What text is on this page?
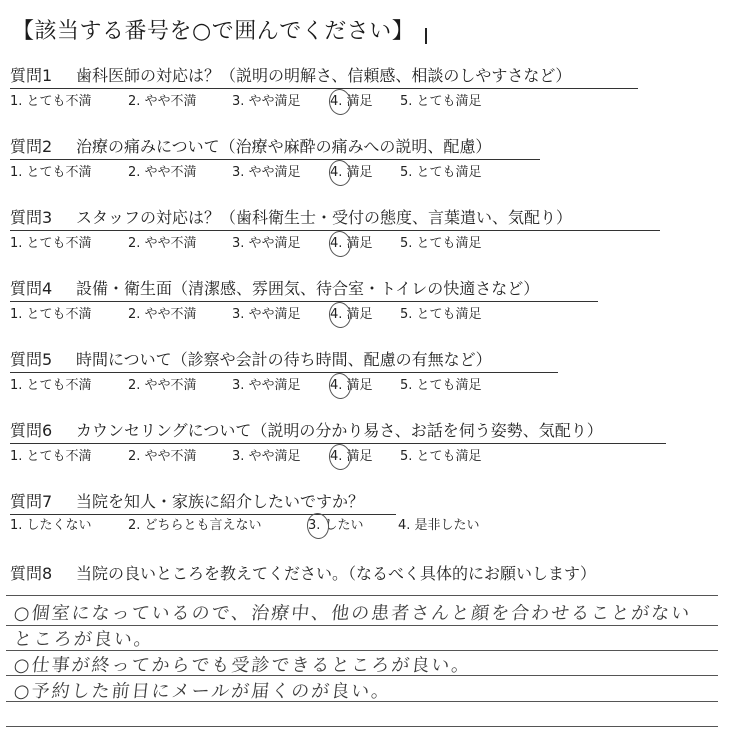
【該当する番号を○で囲んでください】
質問1 歯科医師の対応は？（説明の明解さ、信頼感、相談のしやすさなど）
1. とても不満	2. やや不満	3. やや満足 4. 満足 5. とても満足
質問2 治療の痛みについて（治療や麻酔の痛みへの説明、配慮）
1. とても不満	2. やや不満	3. やや満足 4. 満足 5. とても満足
質問3 スタッフの対応は？（歯科衛生士・受付の態度、言葉遣い、気配り）
1. とても不満	2. やや不満	3. やや満足 4. 満足 5. とても満足
質問4 設備・衛生面（清潔感、雰囲気、待合室・トイレの快適さなど）
1. とても不満	2. やや不満	3. やや満足 4. 満足 5. とても満足
質問5 時間について（診察や会計の待ち時間、配慮の有無など）
1. とても不満	2. やや不満	3. やや満足 4. 満足 5. とても満足
質問6 カウンセリングについて（説明の分かり易さ、お話を伺う姿勢、気配り）
1. とても不満	2. やや不満	3. やや満足 4. 満足 5. とても満足
質問7 当院を知人・家族に紹介したいですか？
1. したくない	2. どちらとも言えない	3. したい	4. 是非したい
質問8 当院の良いところを教えてください。（なるべく具体的にお願いします）
○個室になっているので、治療中、他の患者さんと顔を合わせることがない
ところが良い。
○仕事が終ってからでも受診できるところが良い。
○予約した前日にメールが届くのが良い。
